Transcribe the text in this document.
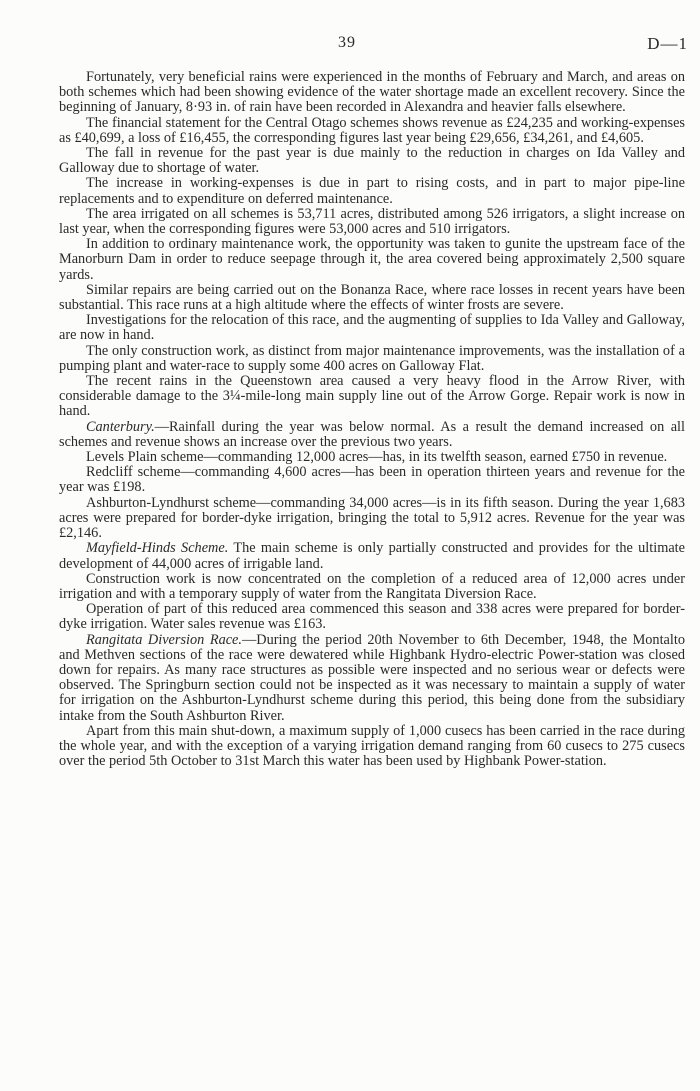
39	D—1

Fortunately, very beneficial rains were experienced in the months of February and March, and areas on both schemes which had been showing evidence of the water shortage made an excellent recovery. Since the beginning of January, 8·93 in. of rain have been recorded in Alexandra and heavier falls elsewhere.

The financial statement for the Central Otago schemes shows revenue as £24,235 and working-expenses as £40,699, a loss of £16,455, the corresponding figures last year being £29,656, £34,261, and £4,605.

The fall in revenue for the past year is due mainly to the reduction in charges on Ida Valley and Galloway due to shortage of water.

The increase in working-expenses is due in part to rising costs, and in part to major pipe-line replacements and to expenditure on deferred maintenance.

The area irrigated on all schemes is 53,711 acres, distributed among 526 irrigators, a slight increase on last year, when the corresponding figures were 53,000 acres and 510 irrigators.

In addition to ordinary maintenance work, the opportunity was taken to gunite the upstream face of the Manorburn Dam in order to reduce seepage through it, the area covered being approximately 2,500 square yards.

Similar repairs are being carried out on the Bonanza Race, where race losses in recent years have been substantial. This race runs at a high altitude where the effects of winter frosts are severe.

Investigations for the relocation of this race, and the augmenting of supplies to Ida Valley and Galloway, are now in hand.

The only construction work, as distinct from major maintenance improvements, was the installation of a pumping plant and water-race to supply some 400 acres on Galloway Flat.

The recent rains in the Queenstown area caused a very heavy flood in the Arrow River, with considerable damage to the 3¼-mile-long main supply line out of the Arrow Gorge. Repair work is now in hand.

Canterbury.—Rainfall during the year was below normal. As a result the demand increased on all schemes and revenue shows an increase over the previous two years.

Levels Plain scheme—commanding 12,000 acres—has, in its twelfth season, earned £750 in revenue.

Redcliff scheme—commanding 4,600 acres—has been in operation thirteen years and revenue for the year was £198.

Ashburton-Lyndhurst scheme—commanding 34,000 acres—is in its fifth season. During the year 1,683 acres were prepared for border-dyke irrigation, bringing the total to 5,912 acres. Revenue for the year was £2,146.

Mayfield-Hinds Scheme. The main scheme is only partially constructed and provides for the ultimate development of 44,000 acres of irrigable land.

Construction work is now concentrated on the completion of a reduced area of 12,000 acres under irrigation and with a temporary supply of water from the Rangitata Diversion Race.

Operation of part of this reduced area commenced this season and 338 acres were prepared for border-dyke irrigation. Water sales revenue was £163.

Rangitata Diversion Race.—During the period 20th November to 6th December, 1948, the Montalto and Methven sections of the race were dewatered while Highbank Hydro-electric Power-station was closed down for repairs. As many race structures as possible were inspected and no serious wear or defects were observed. The Springburn section could not be inspected as it was necessary to maintain a supply of water for irrigation on the Ashburton-Lyndhurst scheme during this period, this being done from the subsidiary intake from the South Ashburton River.

Apart from this main shut-down, a maximum supply of 1,000 cusecs has been carried in the race during the whole year, and with the exception of a varying irrigation demand ranging from 60 cusecs to 275 cusecs over the period 5th October to 31st March this water has been used by Highbank Power-station.
